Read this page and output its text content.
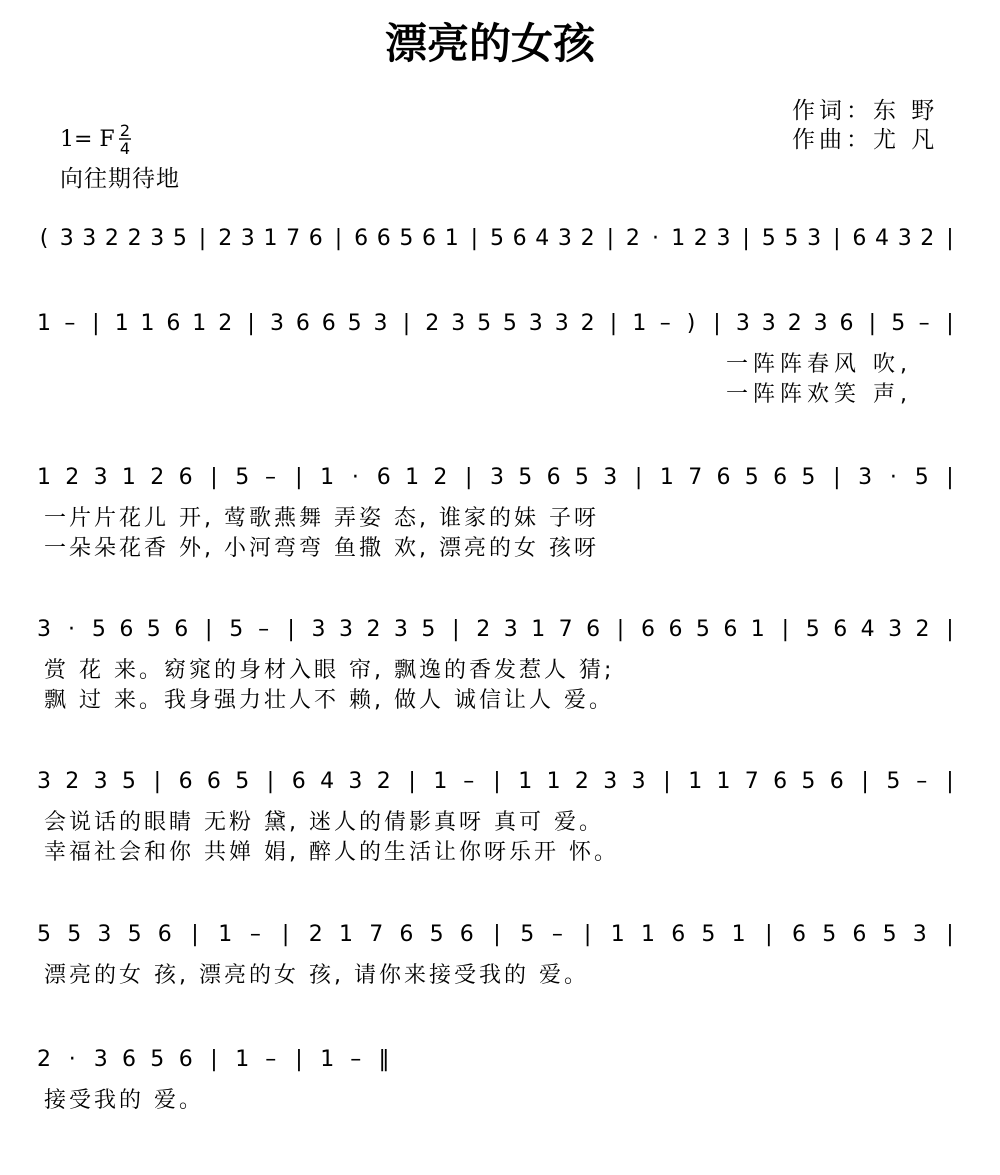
漂亮的女孩
作词：东 野
作曲：尤 凡
1= F 2
4
向往期待地
( 3 3 2 2 3 5 | 2 3 1 7 6 | 6 6 5 6 1 | 5 6 4 3 2 | 2 · 1 2 3 | 5 5 3 | 6 4 3 2 |
1 – | 1 1 6 1 2 | 3 6 6 5 3 | 2 3 5 5 3 3 2 | 1 – ) | 3 3 2 3 6 | 5 – |
一阵阵春风 吹,
一阵阵欢笑 声,
1 2 3 1 2 6 | 5 – | 1 · 6 1 2 | 3 5 6 5 3 | 1 7 6 5 6 5 | 3 · 5 |
一片片花儿 开, 莺歌燕舞 弄姿 态, 谁家的妹 子呀
一朵朵花香 外, 小河弯弯 鱼撒 欢, 漂亮的女 孩呀
3 · 5 6 5 6 | 5 – | 3 3 2 3 5 | 2 3 1 7 6 | 6 6 5 6 1 | 5 6 4 3 2 |
赏 花 来。窈窕的身材入眼 帘, 飘逸的香发惹人 猜;
飘 过 来。我身强力壮人不 赖, 做人 诚信让人 爱。
3 2 3 5 | 6 6 5 | 6 4 3 2 | 1 – | 1 1 2 3 3 | 1 1 7 6 5 6 | 5 – |
会说话的眼睛 无粉 黛, 迷人的倩影真呀 真可 爱。
幸福社会和你 共婵 娟, 醉人的生活让你呀乐开 怀。
5 5 3 5 6 | 1 – | 2 1 7 6 5 6 | 5 – | 1 1 6 5 1 | 6 5 6 5 3 |
漂亮的女 孩, 漂亮的女 孩, 请你来接受我的 爱。
2 · 3 6 5 6 | 1 – | 1 – ‖
接受我的 爱。
